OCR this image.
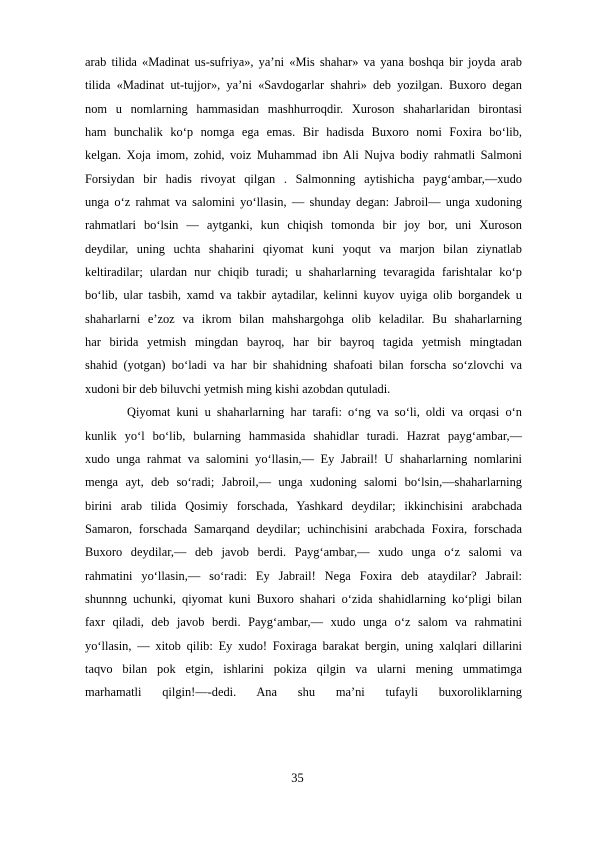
arab tilida «Madinat us-sufriya», ya’ni «Mis shahar» va yana boshqa bir joyda arab
tilida «Madinat ut-tujjor», ya’ni «Savdogarlar shahri» deb yozilgan. Buxoro degan
nom u nomlarning hammasidan mashhurroqdir. Xuroson shaharlaridan birontasi
ham bunchalik ko‘p nomga ega emas. Bir hadisda Buxoro nomi Foxira bo‘lib,
kelgan. Xoja imom, zohid, voiz Muhammad ibn Ali Nujva bodiy rahmatli Salmoni
Forsiydan bir hadis rivoyat qilgan . Salmonning aytishicha payg‘ambar,—xudo
unga o‘z rahmat va salomini yo‘llasin, — shunday degan: Jabroil— unga xudoning
rahmatlari bo‘lsin — aytganki, kun chiqish tomonda bir joy bor, uni Xuroson
deydilar, uning uchta shaharini qiyomat kuni yoqut va marjon bilan ziynatlab
keltiradilar; ulardan nur chiqib turadi; u shaharlarning tevaragida farishtalar ko‘p
bo‘lib, ular tasbih, xamd va takbir aytadilar, kelinni kuyov uyiga olib borgandek u
shaharlarni e’zoz va ikrom bilan mahshargohga olib keladilar. Bu shaharlarning
har birida yetmish mingdan bayroq, har bir bayroq tagida yetmish mingtadan
shahid (yotgan) bo‘ladi va har bir shahidning shafoati bilan forscha so‘zlovchi va
xudoni bir deb biluvchi yetmish ming kishi azobdan qutuladi.
Qiyomat kuni u shaharlarning har tarafi: o‘ng va so‘li, oldi va orqasi o‘n
kunlik yo‘l bo‘lib, bularning hammasida shahidlar turadi. Hazrat payg‘ambar,—
xudo unga rahmat va salomini yo‘llasin,— Ey Jabrail! U shaharlarning nomlarini
menga ayt, deb so‘radi; Jabroil,— unga xudoning salomi bo‘lsin,—shaharlarning
birini arab tilida Qosimiy forschada, Yashkard deydilar; ikkinchisini arabchada
Samaron, forschada Samarqand deydilar; uchinchisini arabchada Foxira, forschada
Buxoro deydilar,— deb javob berdi. Payg‘ambar,— xudo unga o‘z salomi va
rahmatini yo‘llasin,— so‘radi: Ey Jabrail! Nega Foxira deb ataydilar? Jabrail:
shunnng uchunki, qiyomat kuni Buxoro shahari o‘zida shahidlarning ko‘pligi bilan
faxr qiladi, deb javob berdi. Payg‘ambar,— xudo unga o‘z salom va rahmatini
yo‘llasin, — xitob qilib: Ey xudo! Foxiraga barakat bergin, uning xalqlari dillarini
taqvo bilan pok etgin, ishlarini pokiza qilgin va ularni mening ummatimga
marhamatli qilgin!—-dedi. Ana shu ma’ni tufayli buxoroliklarning
35
